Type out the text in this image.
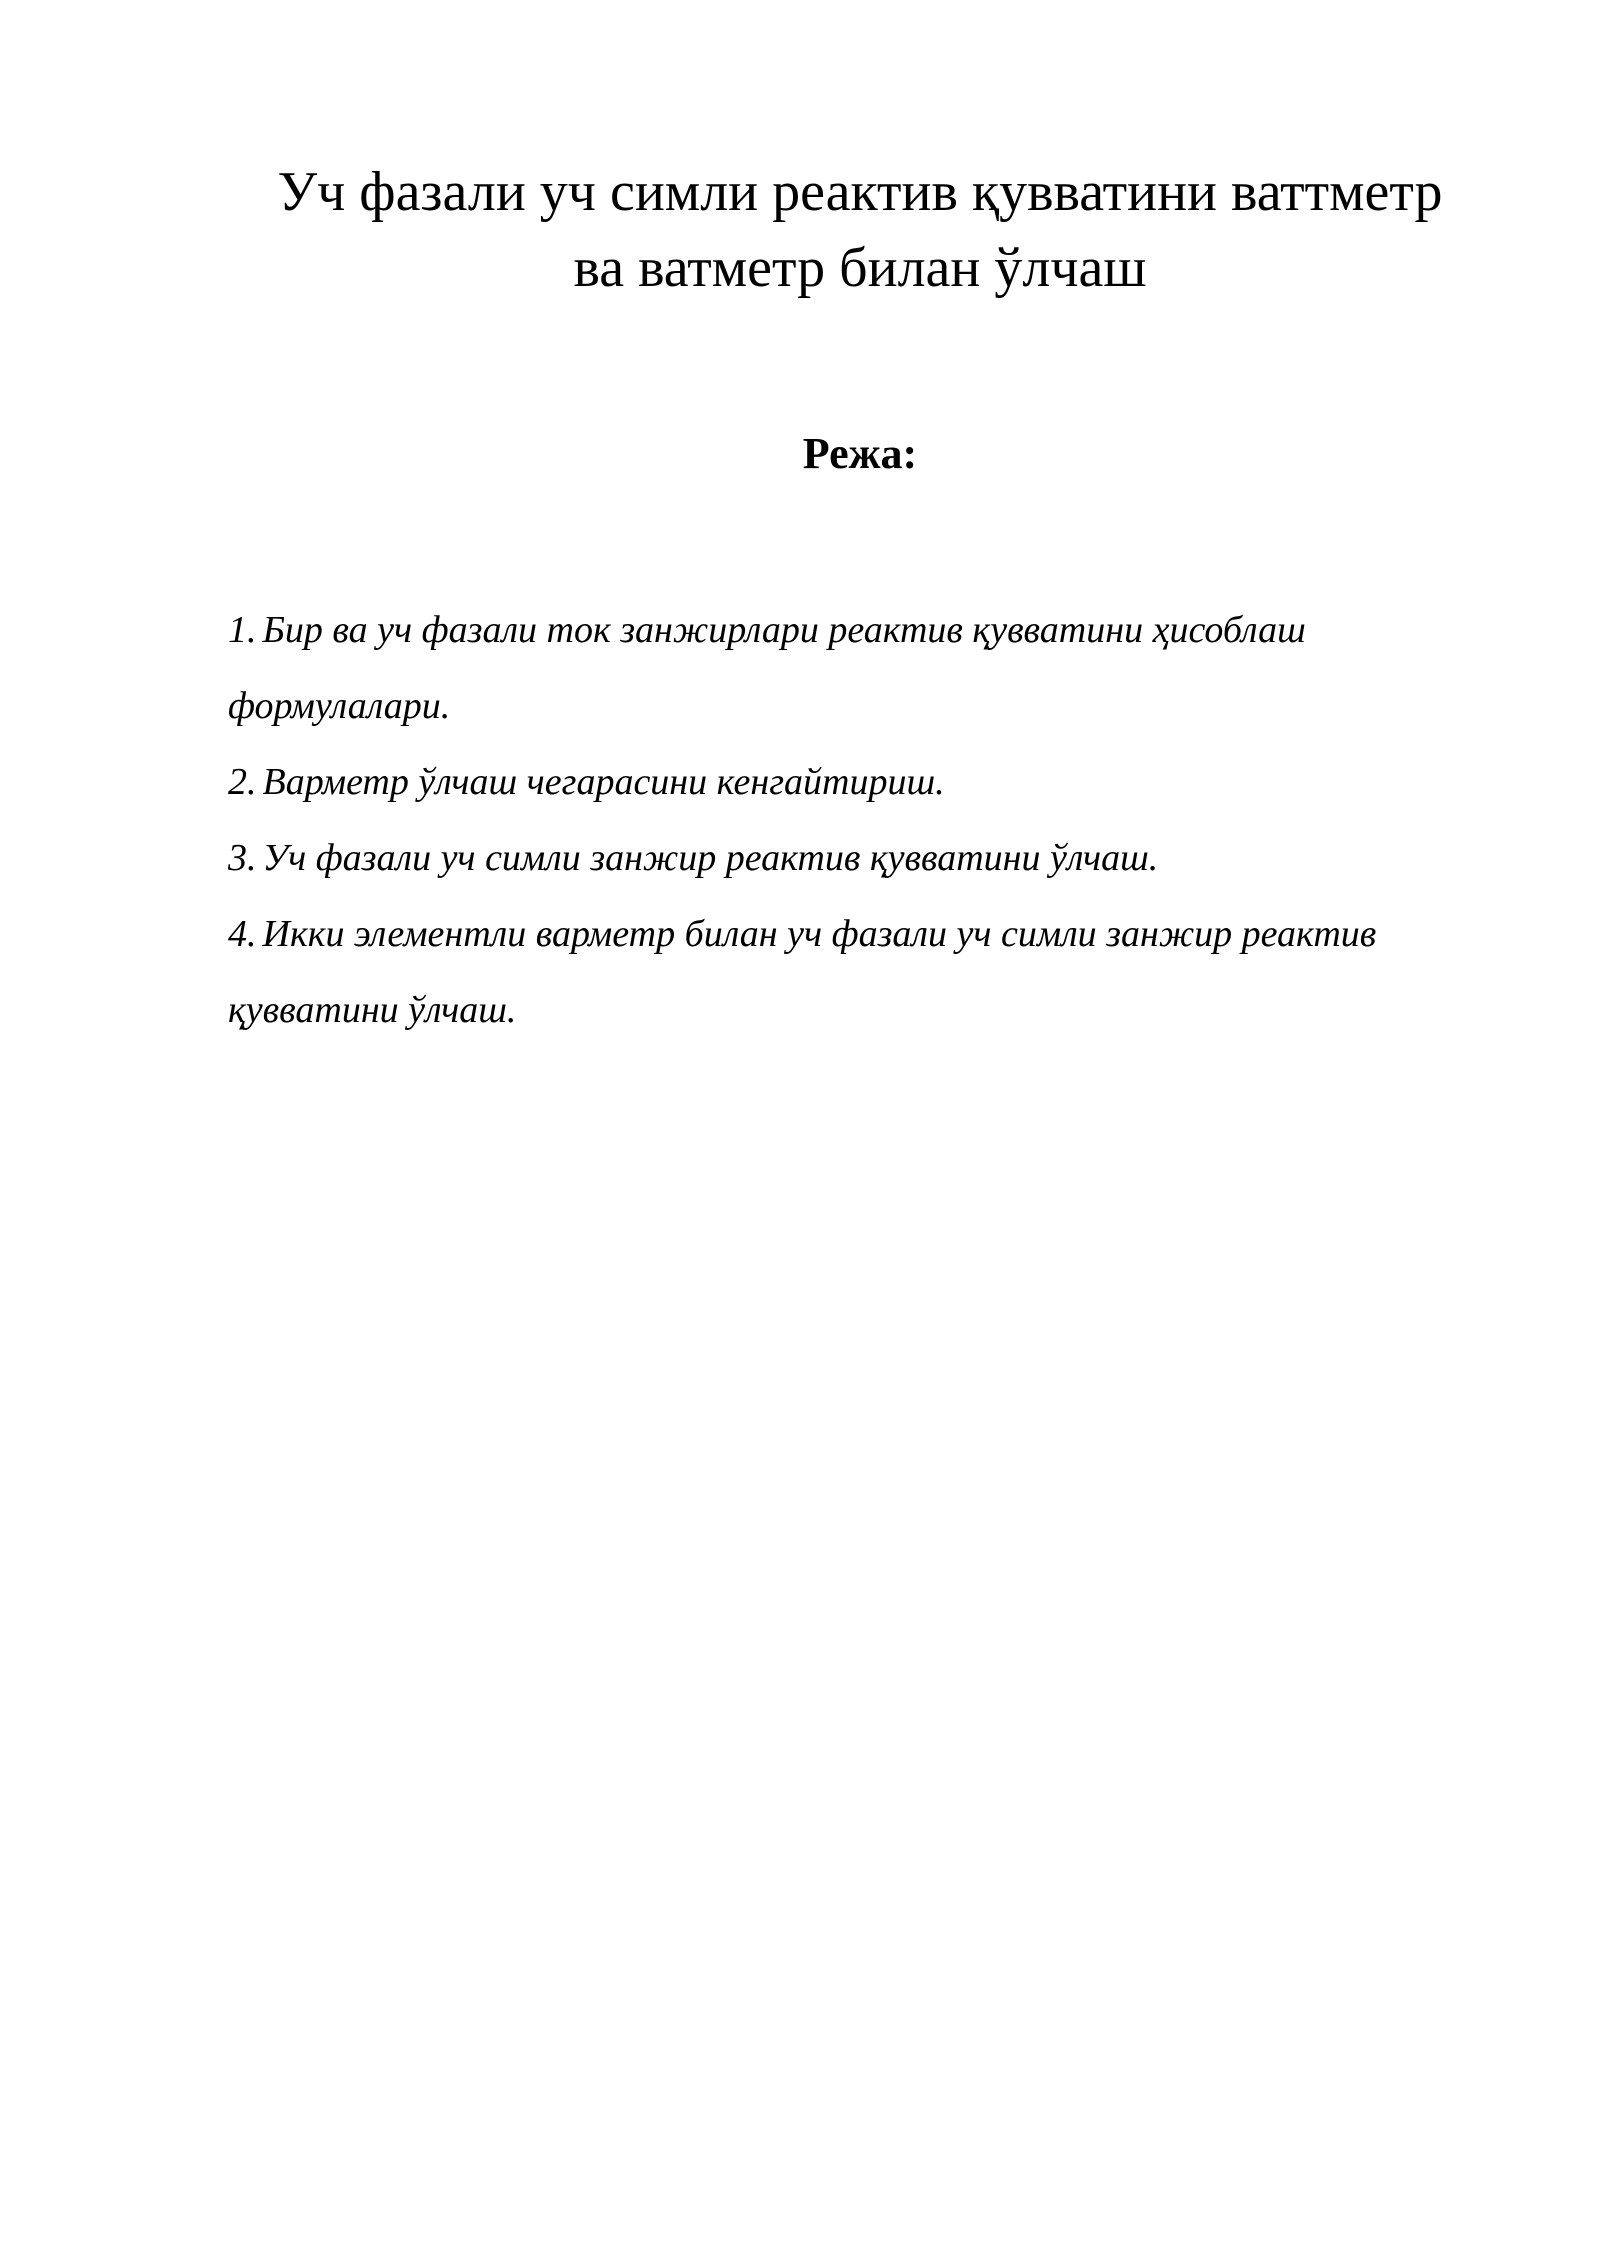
Уч фазали уч симли реактив қувватини ваттметр
ва ватметр билан ўлчаш
Режа:
1. Бир ва уч фазали ток занжирлари реактив қувватини ҳисоблаш формулалари.
2. Варметр ўлчаш чегарасини кенгайтириш.
3. Уч фазали уч симли занжир реактив қувватини ўлчаш.
4. Икки элементли варметр билан уч фазали уч симли занжир реактив қувватини ўлчаш.
